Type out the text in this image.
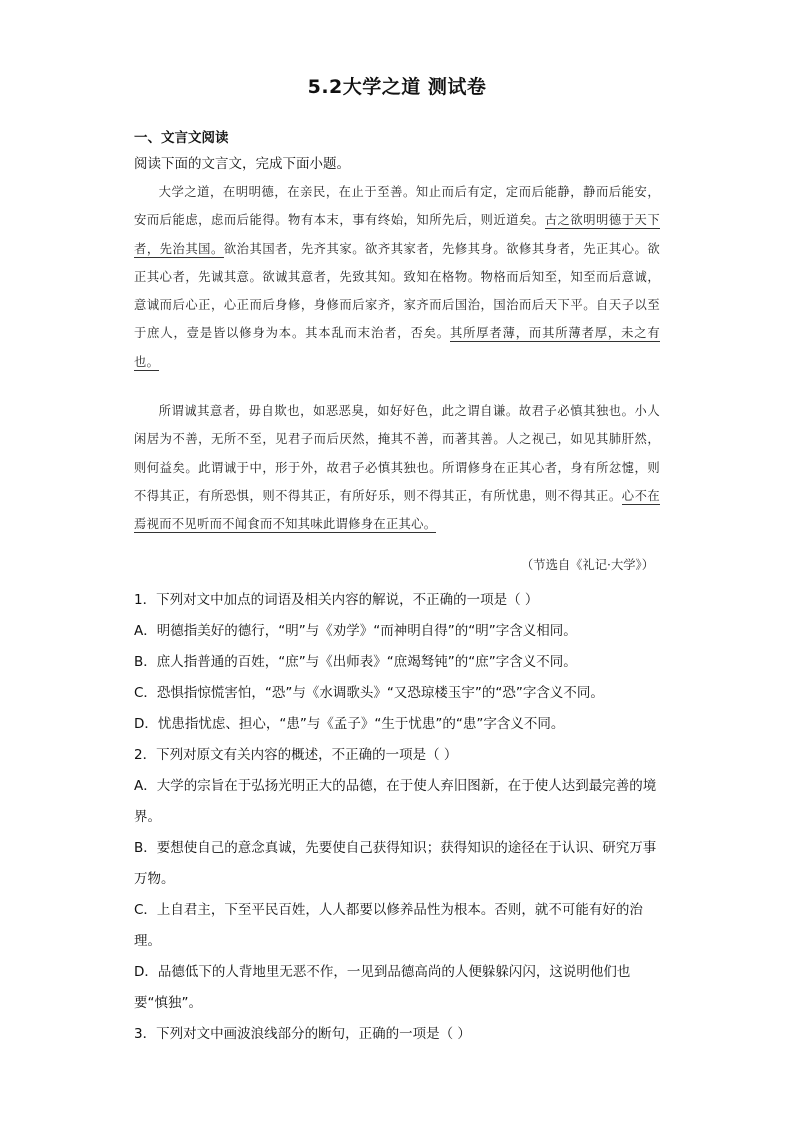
5.2大学之道 测试卷
一、文言文阅读
阅读下面的文言文，完成下面小题。

大学之道，在明明德，在亲民，在止于至善。知止而后有定，定而后能静，静而后能安，安而后能虑，虑而后能得。物有本末，事有终始，知所先后，则近道矣。古之欲明明德于天下者，先治其国。欲治其国者，先齐其家。欲齐其家者，先修其身。欲修其身者，先正其心。欲正其心者，先诚其意。欲诚其意者，先致其知。致知在格物。物格而后知至，知至而后意诚，意诚而后心正，心正而后身修，身修而后家齐，家齐而后国治，国治而后天下平。自天子以至于庶人，壹是皆以修身为本。其本乱而末治者，否矣。其所厚者薄，而其所薄者厚，未之有也。

所谓诚其意者，毋自欺也，如恶恶臭，如好好色，此之谓自谦。故君子必慎其独也。小人闲居为不善，无所不至，见君子而后厌然，掩其不善，而著其善。人之视己，如见其肺肝然，则何益矣。此谓诚于中，形于外，故君子必慎其独也。所谓修身在正其心者，身有所忿懥，则不得其正，有所恐惧，则不得其正，有所好乐，则不得其正，有所忧患，则不得其正。心不在焉视而不见听而不闻食而不知其味此谓修身在正其心。

（节选自《礼记·大学》）

1．下列对文中加点的词语及相关内容的解说，不正确的一项是（ ）

A．明德指美好的德行，“明”与《劝学》“而神明自得”的“明”字含义相同。

B．庶人指普通的百姓，“庶”与《出师表》“庶竭驽钝”的“庶”字含义不同。

C．恐惧指惊慌害怕，“恐”与《水调歌头》“又恐琼楼玉宇”的“恐”字含义不同。

D．忧患指忧虑、担心，“患”与《孟子》“生于忧患”的“患”字含义不同。

2．下列对原文有关内容的概述，不正确的一项是（ ）

A．大学的宗旨在于弘扬光明正大的品德，在于使人弃旧图新，在于使人达到最完善的境界。

B．要想使自己的意念真诚，先要使自己获得知识；获得知识的途径在于认识、研究万事万物。

C．上自君主，下至平民百姓，人人都要以修养品性为根本。否则，就不可能有好的治理。

D．品德低下的人背地里无恶不作，一见到品德高尚的人便躲躲闪闪，这说明他们也要“慎独”。

3．下列对文中画波浪线部分的断句，正确的一项是（ ）
